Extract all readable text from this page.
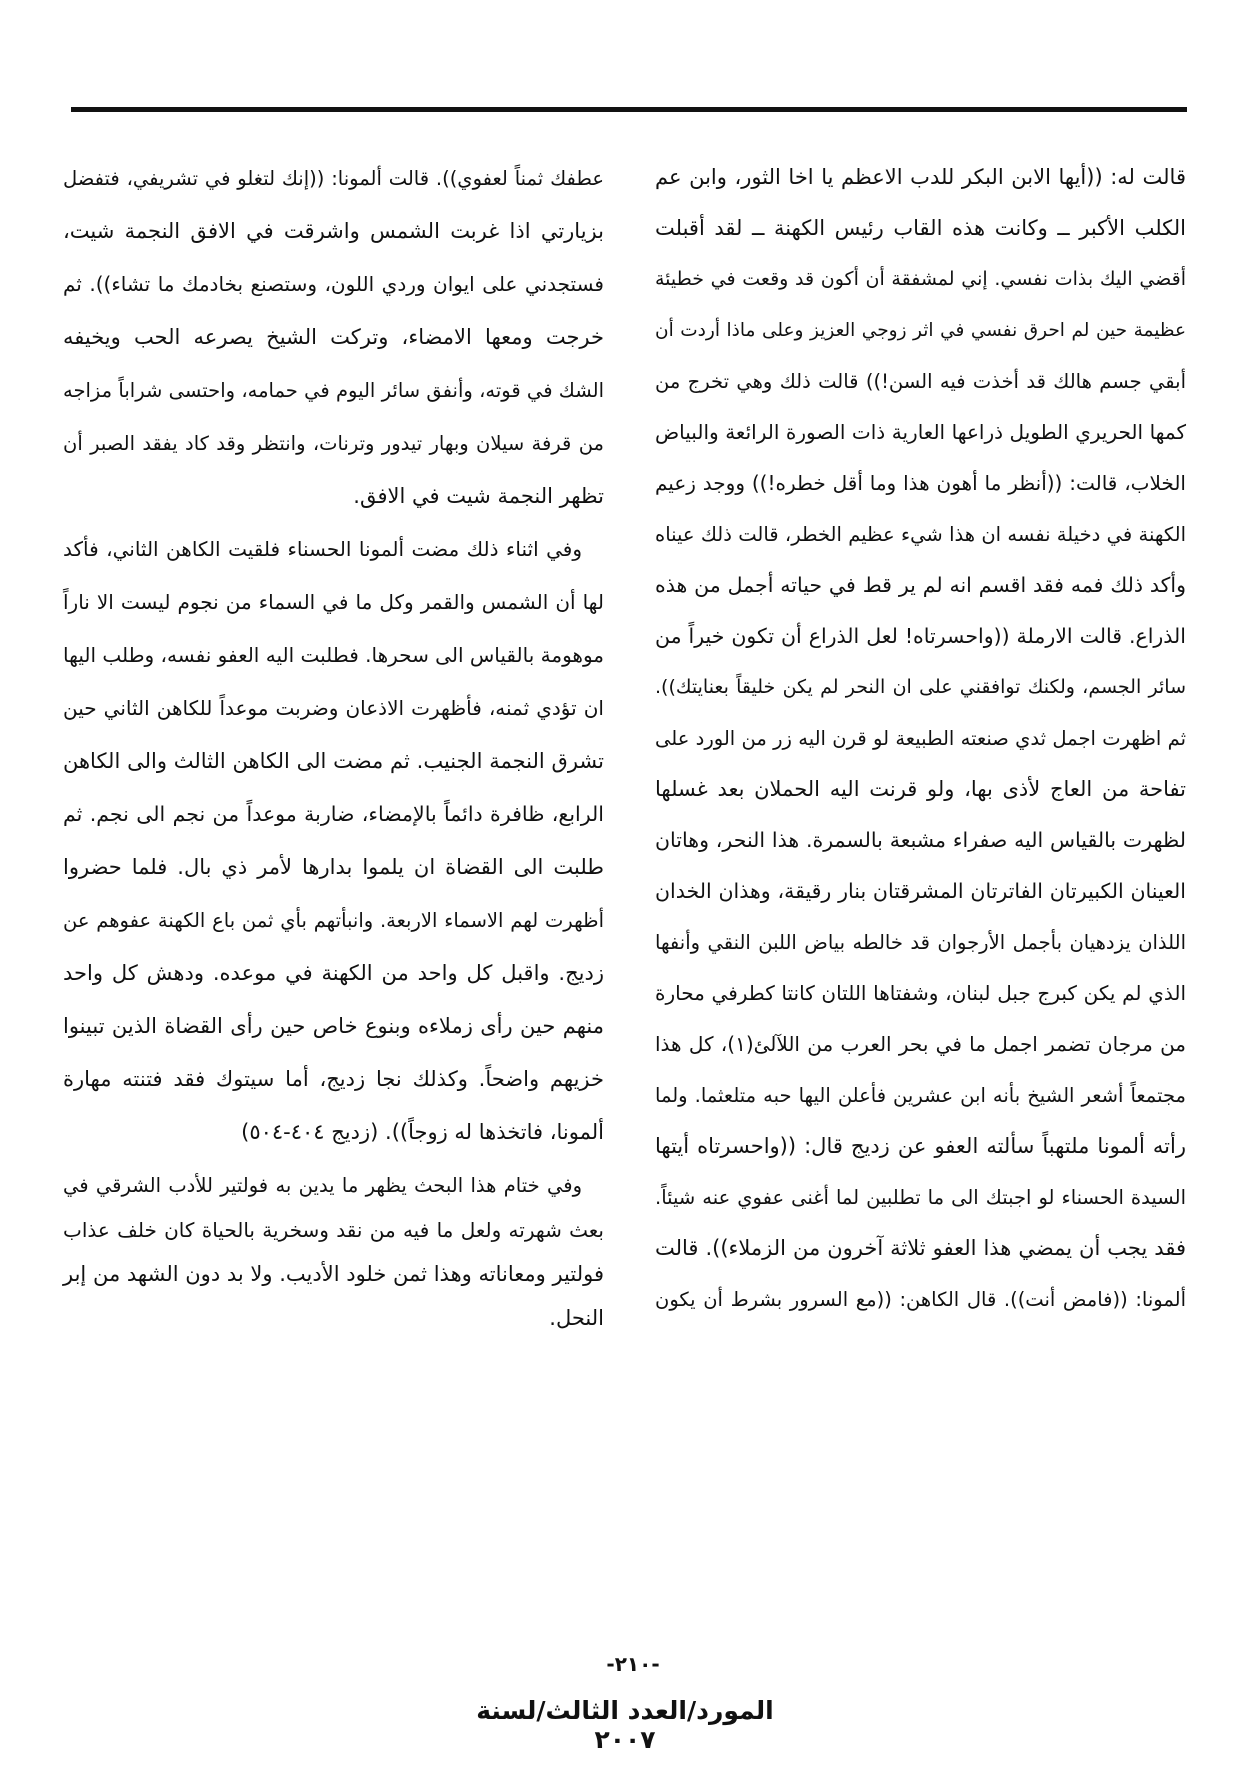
قالت له: ((أيها الابن البكر للدب الاعظم يا اخا الثور، وابن عم
الكلب الأكبر ــ وكانت هذه القاب رئيس الكهنة ــ لقد أقبلت
أقضي اليك بذات نفسي. إني لمشفقة أن أكون قد وقعت في خطيئة
عظيمة حين لم احرق نفسي في اثر زوجي العزيز وعلى ماذا أردت أن
أبقي جسم هالك قد أخذت فيه السن!)) قالت ذلك وهي تخرج من
كمها الحريري الطويل ذراعها العارية ذات الصورة الرائعة والبياض
الخلاب، قالت: ((أنظر ما أهون هذا وما أقل خطره!)) ووجد زعيم
الكهنة في دخيلة نفسه ان هذا شيء عظيم الخطر، قالت ذلك عيناه
وأكد ذلك فمه فقد اقسم انه لم ير قط في حياته أجمل من هذه
الذراع. قالت الارملة ((واحسرتاه! لعل الذراع أن تكون خيراً من
سائر الجسم، ولكنك توافقني على ان النحر لم يكن خليقاً بعنايتك)).
ثم اظهرت اجمل ثدي صنعته الطبيعة لو قرن اليه زر من الورد على
تفاحة من العاج لأذى بها، ولو قرنت اليه الحملان بعد غسلها
لظهرت بالقياس اليه صفراء مشبعة بالسمرة. هذا النحر، وهاتان
العينان الكبيرتان الفاترتان المشرقتان بنار رقيقة، وهذان الخدان
اللذان يزدهيان بأجمل الأرجوان قد خالطه بياض اللبن النقي وأنفها
الذي لم يكن كبرج جبل لبنان، وشفتاها اللتان كانتا كطرفي محارة
من مرجان تضمر اجمل ما في بحر العرب من اللآلئ(١)، كل هذا
مجتمعاً أشعر الشيخ بأنه ابن عشرين فأعلن اليها حبه متلعثما. ولما
رأته ألمونا ملتهباً سألته العفو عن زديج قال: ((واحسرتاه أيتها
السيدة الحسناء لو اجبتك الى ما تطلبين لما أغنى عفوي عنه شيئاً.
فقد يجب أن يمضي هذا العفو ثلاثة آخرون من الزملاء)). قالت
ألمونا: ((فامض أنت)). قال الكاهن: ((مع السرور بشرط أن يكون
عطفك ثمناً لعفوي)). قالت ألمونا: ((إنك لتغلو في تشريفي، فتفضل
بزيارتي اذا غربت الشمس واشرقت في الافق النجمة شيت،
فستجدني على ايوان وردي اللون، وستصنع بخادمك ما تشاء)). ثم
خرجت ومعها الامضاء، وتركت الشيخ يصرعه الحب ويخيفه
الشك في قوته، وأنفق سائر اليوم في حمامه، واحتسى شراباً مزاجه
من قرفة سيلان وبهار تيدور وترنات، وانتظر وقد كاد يفقد الصبر أن
تظهر النجمة شيت في الافق.
وفي اثناء ذلك مضت ألمونا الحسناء فلقيت الكاهن الثاني، فأكد
لها أن الشمس والقمر وكل ما في السماء من نجوم ليست الا ناراً
موهومة بالقياس الى سحرها. فطلبت اليه العفو نفسه، وطلب اليها
ان تؤدي ثمنه، فأظهرت الاذعان وضربت موعداً للكاهن الثاني حين
تشرق النجمة الجنيب. ثم مضت الى الكاهن الثالث والى الكاهن
الرابع، ظافرة دائماً بالإمضاء، ضاربة موعداً من نجم الى نجم. ثم
طلبت الى القضاة ان يلموا بدارها لأمر ذي بال. فلما حضروا
أظهرت لهم الاسماء الاربعة. وانبأتهم بأي ثمن باع الكهنة عفوهم عن
زديج. واقبل كل واحد من الكهنة في موعده. ودهش كل واحد
منهم حين رأى زملاءه وبنوع خاص حين رأى القضاة الذين تبينوا
خزيهم واضحاً. وكذلك نجا زديج، أما سيتوك فقد فتنته مهارة
ألمونا، فاتخذها له زوجاً)). (زديج ٤٠٤-٥٠٤)
وفي ختام هذا البحث يظهر ما يدين به فولتير للأدب الشرقي في
بعث شهرته ولعل ما فيه من نقد وسخرية بالحياة كان خلف عذاب
فولتير ومعاناته وهذا ثمن خلود الأديب. ولا بد دون الشهد من إبر
النحل.
-٢١٠-
المورد/العدد الثالث/لسنة ٢٠٠٧
